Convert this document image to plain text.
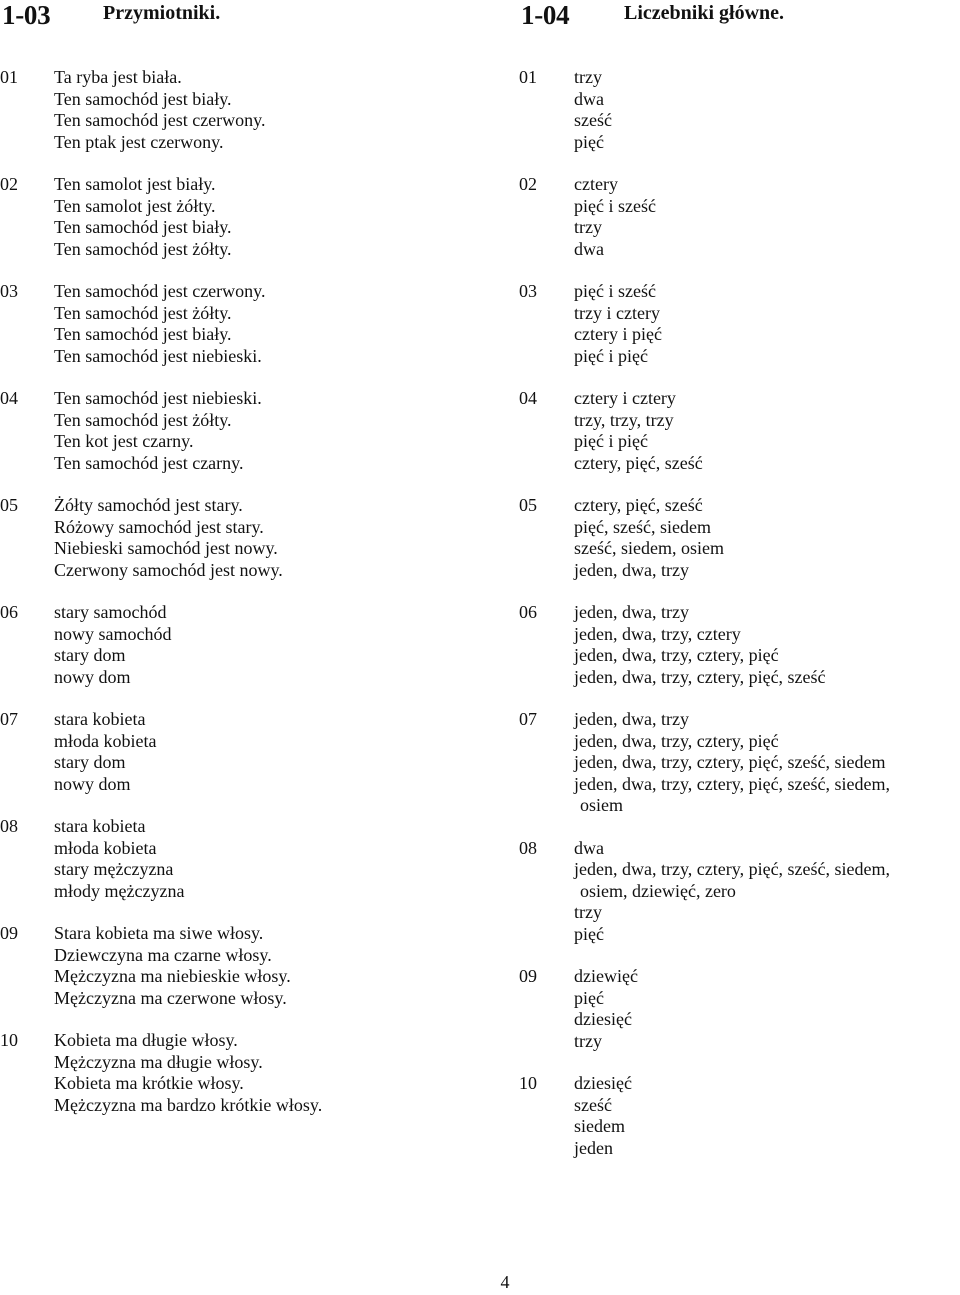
1-03	Przymiotniki.
01 Ta ryba jest biała.
Ten samochód jest biały.
Ten samochód jest czerwony.
Ten ptak jest czerwony.
02 Ten samolot jest biały.
Ten samolot jest żółty.
Ten samochód jest biały.
Ten samochód jest żółty.
03 Ten samochód jest czerwony.
Ten samochód jest żółty.
Ten samochód jest biały.
Ten samochód jest niebieski.
04 Ten samochód jest niebieski.
Ten samochód jest żółty.
Ten kot jest czarny.
Ten samochód jest czarny.
05 Żółty samochód jest stary.
Różowy samochód jest stary.
Niebieski samochód jest nowy.
Czerwony samochód jest nowy.
06 stary samochód
nowy samochód
stary dom
nowy dom
07 stara kobieta
młoda kobieta
stary dom
nowy dom
08 stara kobieta
młoda kobieta
stary mężczyzna
młody mężczyzna
09 Stara kobieta ma siwe włosy.
Dziewczyna ma czarne włosy.
Mężczyzna ma niebieskie włosy.
Mężczyzna ma czerwone włosy.
10 Kobieta ma długie włosy.
Mężczyzna ma długie włosy.
Kobieta ma krótkie włosy.
Mężczyzna ma bardzo krótkie włosy.
1-04	Liczebniki główne.
01 trzy
dwa
sześć
pięć
02 cztery
pięć i sześć
trzy
dwa
03 pięć i sześć
trzy i cztery
cztery i pięć
pięć i pięć
04 cztery i cztery
trzy, trzy, trzy
pięć i pięć
cztery, pięć, sześć
05 cztery, pięć, sześć
pięć, sześć, siedem
sześć, siedem, osiem
jeden, dwa, trzy
06 jeden, dwa, trzy
jeden, dwa, trzy, cztery
jeden, dwa, trzy, cztery, pięć
jeden, dwa, trzy, cztery, pięć, sześć
07 jeden, dwa, trzy
jeden, dwa, trzy, cztery, pięć
jeden, dwa, trzy, cztery, pięć, sześć, siedem
jeden, dwa, trzy, cztery, pięć, sześć, siedem,
osiem
08 dwa
jeden, dwa, trzy, cztery, pięć, sześć, siedem,
osiem, dziewięć, zero
trzy
pięć
09 dziewięć
pięć
dziesięć
trzy
10 dziesięć
sześć
siedem
jeden
4
